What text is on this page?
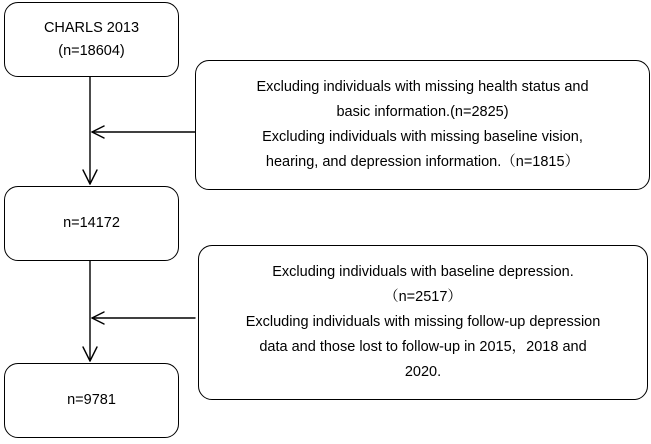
CHARLS 2013
(n=18604)
Excluding individuals with missing health status and
basic information.(n=2825)
Excluding individuals with missing baseline vision,
hearing, and depression information.（n=1815）
n=14172
Excluding individuals with baseline depression.
（n=2517）
Excluding individuals with missing follow-up depression
data and those lost to follow-up in 2015，2018 and
2020.
n=9781
